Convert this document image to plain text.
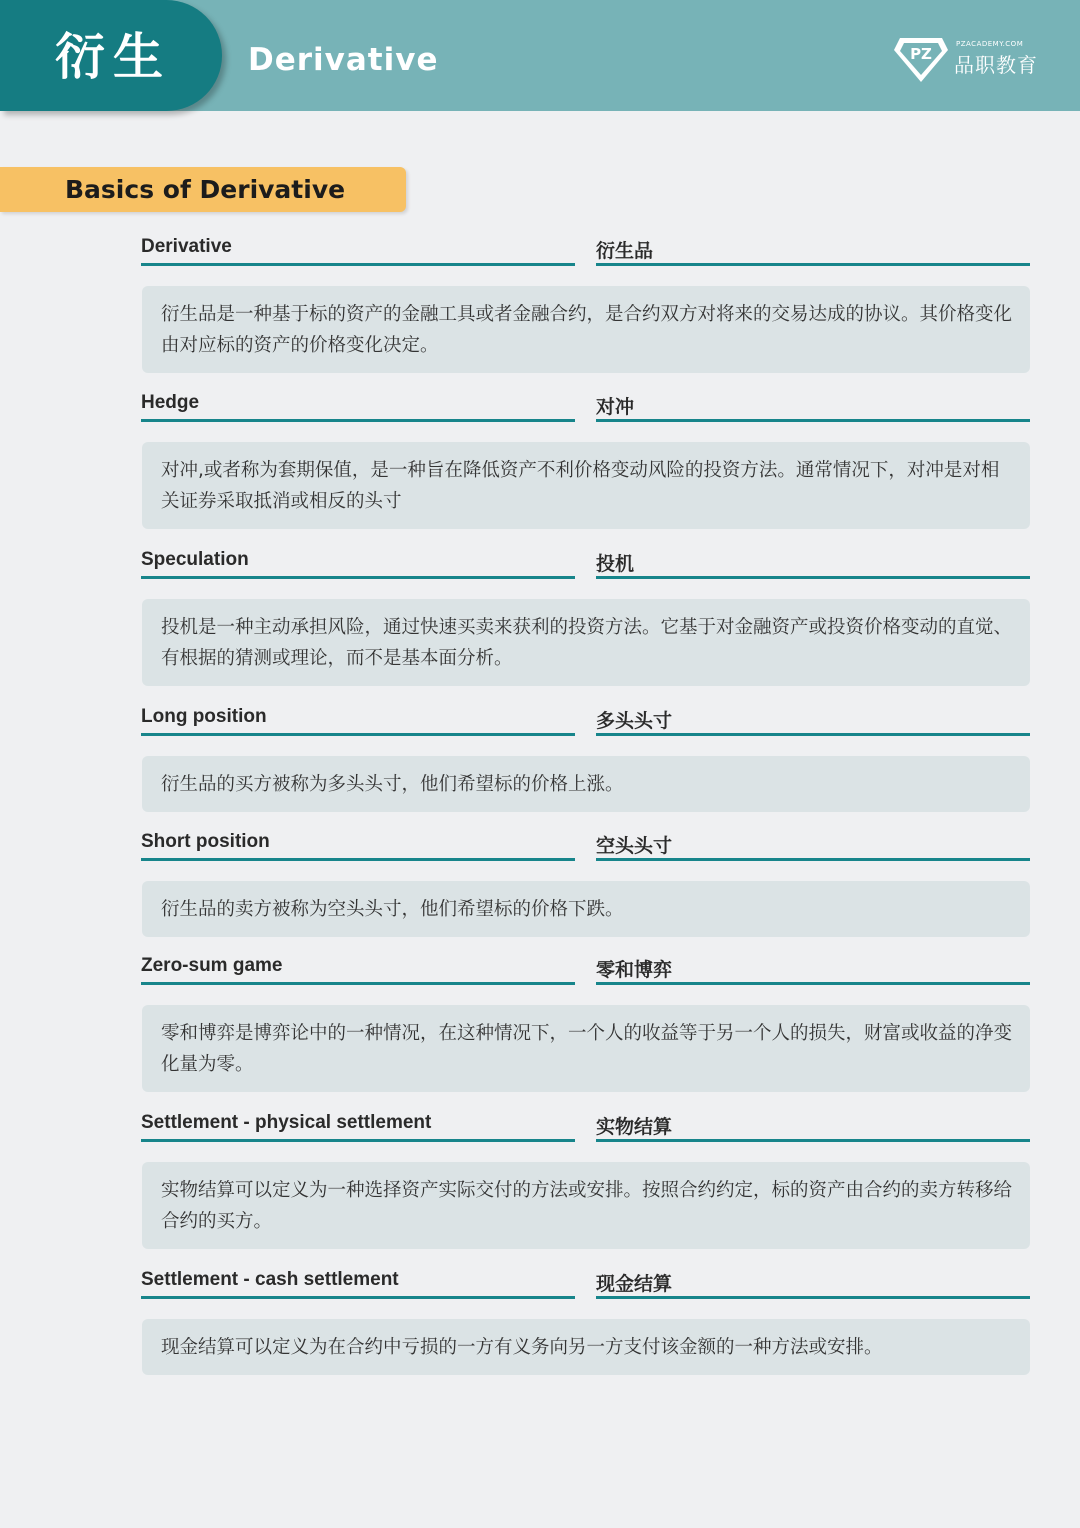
衍生 Derivative	PZ
PZACADEMY.COM
品职教育
Basics of Derivative
Derivative	衍生品
衍生品是一种基于标的资产的金融工具或者金融合约，是合约双方对将来的交易达成的协议。其价格变化由对应标的资产的价格变化决定。
Hedge	对冲
对冲,或者称为套期保值，是一种旨在降低资产不利价格变动风险的投资方法。通常情况下，对冲是对相关证券采取抵消或相反的头寸
Speculation	投机
投机是一种主动承担风险，通过快速买卖来获利的投资方法。它基于对金融资产或投资价格变动的直觉、有根据的猜测或理论，而不是基本面分析。
Long position	多头头寸
衍生品的买方被称为多头头寸，他们希望标的价格上涨。
Short position	空头头寸
衍生品的卖方被称为空头头寸，他们希望标的价格下跌。
Zero-sum game	零和博弈
零和博弈是博弈论中的一种情况，在这种情况下，一个人的收益等于另一个人的损失，财富或收益的净变化量为零。
Settlement - physical settlement	实物结算
实物结算可以定义为一种选择资产实际交付的方法或安排。按照合约约定，标的资产由合约的卖方转移给合约的买方。
Settlement - cash settlement	现金结算
现金结算可以定义为在合约中亏损的一方有义务向另一方支付该金额的一种方法或安排。
